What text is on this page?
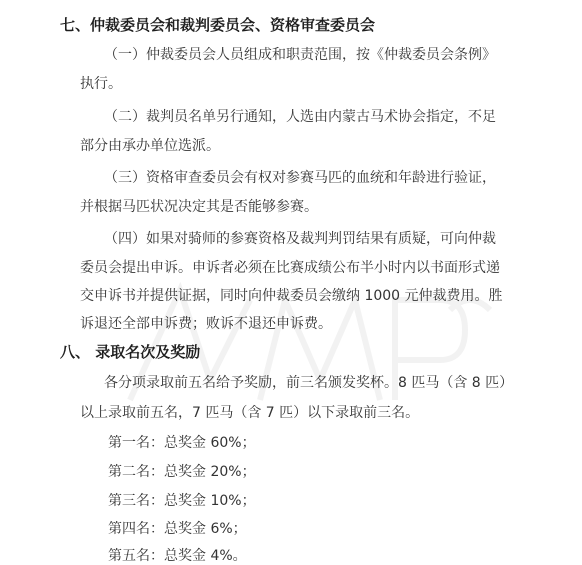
七、仲裁委员会和裁判委员会、资格审查委员会
（一）仲裁委员会人员组成和职责范围，按《仲裁委员会条例》
执行。
（二）裁判员名单另行通知，人选由内蒙古马术协会指定，不足
部分由承办单位选派。
（三）资格审查委员会有权对参赛马匹的血统和年龄进行验证，
并根据马匹状况决定其是否能够参赛。
（四）如果对骑师的参赛资格及裁判判罚结果有质疑，可向仲裁
委员会提出申诉。申诉者必须在比赛成绩公布半小时内以书面形式递
交申诉书并提供证据，同时向仲裁委员会缴纳 1000 元仲裁费用。胜
诉退还全部申诉费；败诉不退还申诉费。
八、 录取名次及奖励
各分项录取前五名给予奖励，前三名颁发奖杯。8 匹马（含 8 匹）
以上录取前五名，7 匹马（含 7 匹）以下录取前三名。
第一名：总奖金 60%；
第二名：总奖金 20%；
第三名：总奖金 10%；
第四名：总奖金 6%；
第五名：总奖金 4%。
